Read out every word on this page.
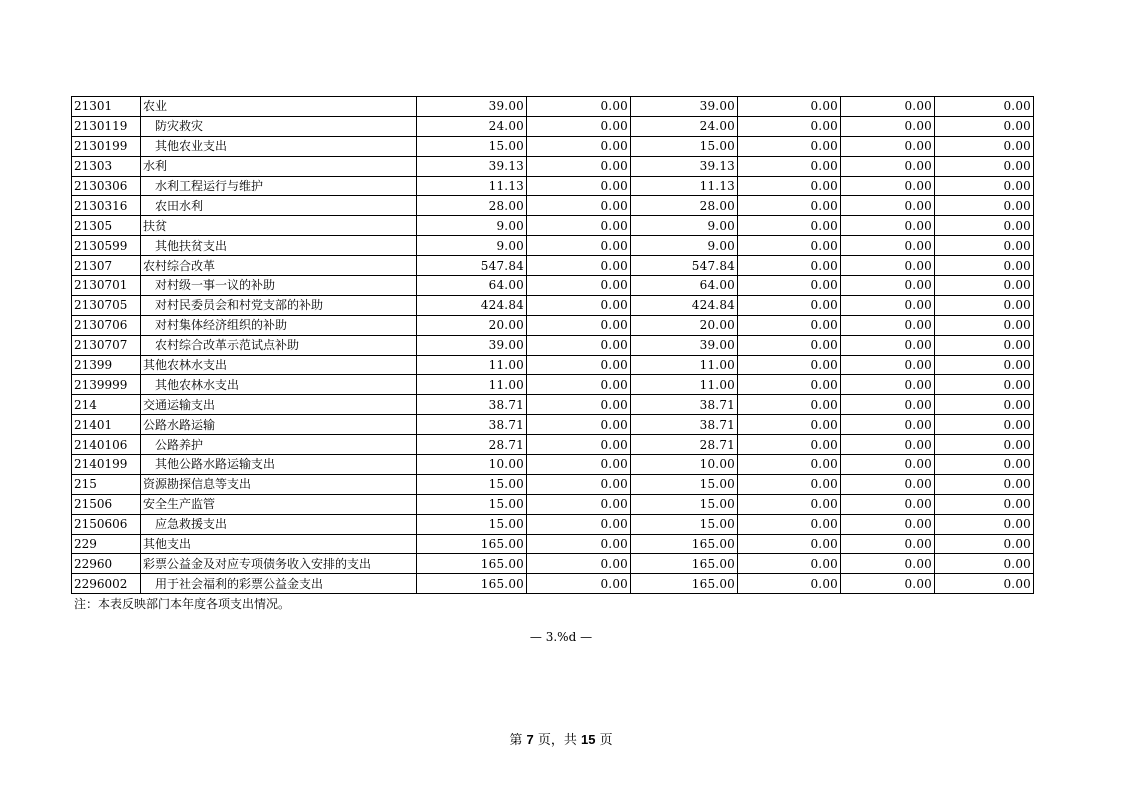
21301	农业	39.00	0.00	39.00	0.00	0.00	0.00
2130119	防灾救灾	24.00	0.00	24.00	0.00	0.00	0.00
2130199	其他农业支出	15.00	0.00	15.00	0.00	0.00	0.00
21303	水利	39.13	0.00	39.13	0.00	0.00	0.00
2130306	水利工程运行与维护	11.13	0.00	11.13	0.00	0.00	0.00
2130316	农田水利	28.00	0.00	28.00	0.00	0.00	0.00
21305	扶贫	9.00	0.00	9.00	0.00	0.00	0.00
2130599	其他扶贫支出	9.00	0.00	9.00	0.00	0.00	0.00
21307	农村综合改革	547.84	0.00	547.84	0.00	0.00	0.00
2130701	对村级一事一议的补助	64.00	0.00	64.00	0.00	0.00	0.00
2130705	对村民委员会和村党支部的补助	424.84	0.00	424.84	0.00	0.00	0.00
2130706	对村集体经济组织的补助	20.00	0.00	20.00	0.00	0.00	0.00
2130707	农村综合改革示范试点补助	39.00	0.00	39.00	0.00	0.00	0.00
21399	其他农林水支出	11.00	0.00	11.00	0.00	0.00	0.00
2139999	其他农林水支出	11.00	0.00	11.00	0.00	0.00	0.00
214	交通运输支出	38.71	0.00	38.71	0.00	0.00	0.00
21401	公路水路运输	38.71	0.00	38.71	0.00	0.00	0.00
2140106	公路养护	28.71	0.00	28.71	0.00	0.00	0.00
2140199	其他公路水路运输支出	10.00	0.00	10.00	0.00	0.00	0.00
215	资源勘探信息等支出	15.00	0.00	15.00	0.00	0.00	0.00
21506	安全生产监管	15.00	0.00	15.00	0.00	0.00	0.00
2150606	应急救援支出	15.00	0.00	15.00	0.00	0.00	0.00
229	其他支出	165.00	0.00	165.00	0.00	0.00	0.00
22960	彩票公益金及对应专项债务收入安排的支出	165.00	0.00	165.00	0.00	0.00	0.00
2296002	用于社会福利的彩票公益金支出	165.00	0.00	165.00	0.00	0.00	0.00
注：本表反映部门本年度各项支出情况。
— 3.%d —
第 7 页，共 15 页
